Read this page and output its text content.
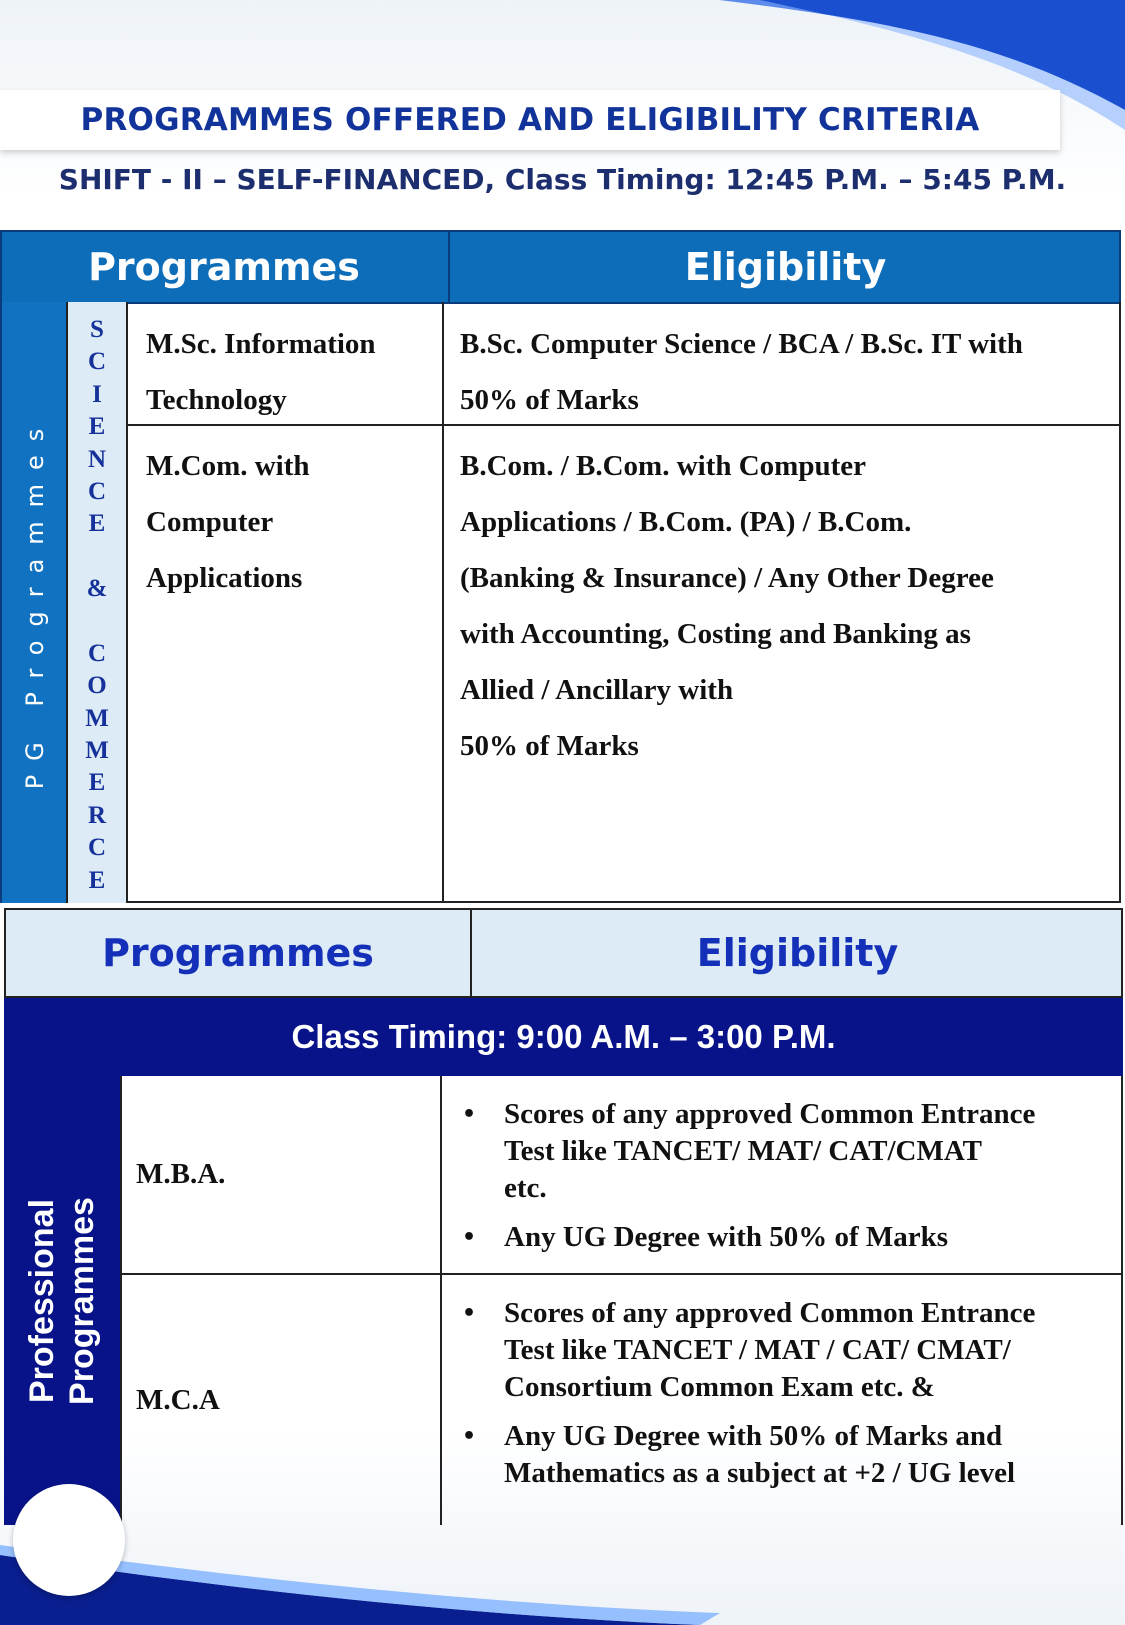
PROGRAMMES OFFERED AND ELIGIBILITY CRITERIA
SHIFT - II – SELF-FINANCED, Class Timing: 12:45 P.M. – 5:45 P.M.
Programmes	Eligibility
PG Programmes
S
C
I
E
N
C
E
&
C
O
M
M
E
R
C
E
M.Sc. Information
Technology
B.Sc. Computer Science / BCA / B.Sc. IT with
50% of Marks
M.Com. with
Computer
Applications
B.Com. / B.Com. with Computer
Applications / B.Com. (PA) / B.Com.
(Banking & Insurance) / Any Other Degree
with Accounting, Costing and Banking as
Allied / Ancillary with
50% of Marks
Programmes	Eligibility
Class Timing: 9:00 A.M. – 3:00 P.M.
Professional
Programmes
M.B.A.
• Scores of any approved Common Entrance
Test like TANCET/ MAT/ CAT/CMAT
etc.
• Any UG Degree with 50% of Marks
M.C.A
• Scores of any approved Common Entrance
Test like TANCET / MAT / CAT/ CMAT/
Consortium Common Exam etc. &
• Any UG Degree with 50% of Marks and
Mathematics as a subject at +2 / UG level
